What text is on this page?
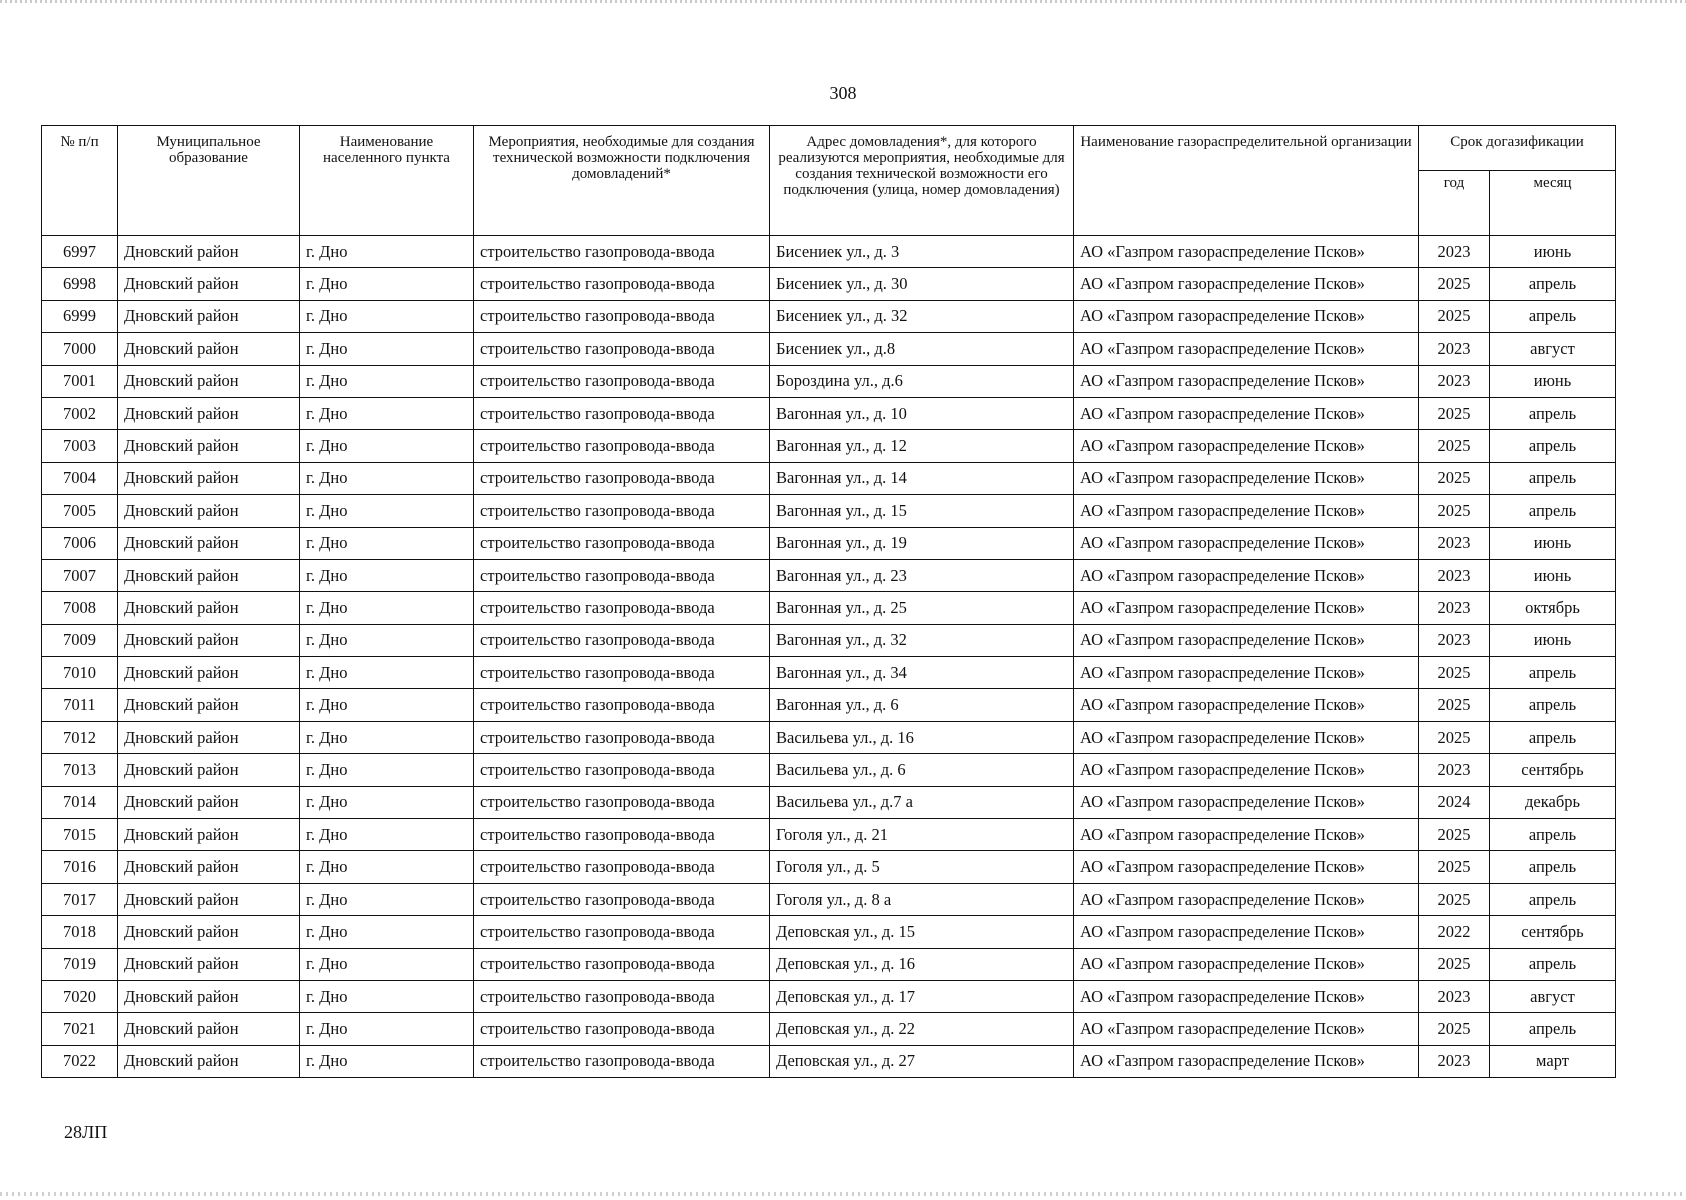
308
№ п/п	Муниципальное образование	Наименование населенного пункта	Мероприятия, необходимые для создания технической возможности подключения домовладений*	Адрес домовладения*, для которого реализуются мероприятия, необходимые для создания технической возможности его подключения (улица, номер домовладения)	Наименование газораспределительной организации	Срок догазификации	
						год	месяц
6997	Дновский район	г. Дно	строительство газопровода-ввода	Бисениек ул., д. 3	АО «Газпром газораспределение Псков»	2023	июнь
6998	Дновский район	г. Дно	строительство газопровода-ввода	Бисениек ул., д. 30	АО «Газпром газораспределение Псков»	2025	апрель
6999	Дновский район	г. Дно	строительство газопровода-ввода	Бисениек ул., д. 32	АО «Газпром газораспределение Псков»	2025	апрель
7000	Дновский район	г. Дно	строительство газопровода-ввода	Бисениек ул., д.8	АО «Газпром газораспределение Псков»	2023	август
7001	Дновский район	г. Дно	строительство газопровода-ввода	Бороздина ул., д.6	АО «Газпром газораспределение Псков»	2023	июнь
7002	Дновский район	г. Дно	строительство газопровода-ввода	Вагонная ул., д. 10	АО «Газпром газораспределение Псков»	2025	апрель
7003	Дновский район	г. Дно	строительство газопровода-ввода	Вагонная ул., д. 12	АО «Газпром газораспределение Псков»	2025	апрель
7004	Дновский район	г. Дно	строительство газопровода-ввода	Вагонная ул., д. 14	АО «Газпром газораспределение Псков»	2025	апрель
7005	Дновский район	г. Дно	строительство газопровода-ввода	Вагонная ул., д. 15	АО «Газпром газораспределение Псков»	2025	апрель
7006	Дновский район	г. Дно	строительство газопровода-ввода	Вагонная ул., д. 19	АО «Газпром газораспределение Псков»	2023	июнь
7007	Дновский район	г. Дно	строительство газопровода-ввода	Вагонная ул., д. 23	АО «Газпром газораспределение Псков»	2023	июнь
7008	Дновский район	г. Дно	строительство газопровода-ввода	Вагонная ул., д. 25	АО «Газпром газораспределение Псков»	2023	октябрь
7009	Дновский район	г. Дно	строительство газопровода-ввода	Вагонная ул., д. 32	АО «Газпром газораспределение Псков»	2023	июнь
7010	Дновский район	г. Дно	строительство газопровода-ввода	Вагонная ул., д. 34	АО «Газпром газораспределение Псков»	2025	апрель
7011	Дновский район	г. Дно	строительство газопровода-ввода	Вагонная ул., д. 6	АО «Газпром газораспределение Псков»	2025	апрель
7012	Дновский район	г. Дно	строительство газопровода-ввода	Васильева ул., д. 16	АО «Газпром газораспределение Псков»	2025	апрель
7013	Дновский район	г. Дно	строительство газопровода-ввода	Васильева ул., д. 6	АО «Газпром газораспределение Псков»	2023	сентябрь
7014	Дновский район	г. Дно	строительство газопровода-ввода	Васильева ул., д.7 а	АО «Газпром газораспределение Псков»	2024	декабрь
7015	Дновский район	г. Дно	строительство газопровода-ввода	Гоголя ул., д. 21	АО «Газпром газораспределение Псков»	2025	апрель
7016	Дновский район	г. Дно	строительство газопровода-ввода	Гоголя ул., д. 5	АО «Газпром газораспределение Псков»	2025	апрель
7017	Дновский район	г. Дно	строительство газопровода-ввода	Гоголя ул., д. 8 а	АО «Газпром газораспределение Псков»	2025	апрель
7018	Дновский район	г. Дно	строительство газопровода-ввода	Деповская ул., д. 15	АО «Газпром газораспределение Псков»	2022	сентябрь
7019	Дновский район	г. Дно	строительство газопровода-ввода	Деповская ул., д. 16	АО «Газпром газораспределение Псков»	2025	апрель
7020	Дновский район	г. Дно	строительство газопровода-ввода	Деповская ул., д. 17	АО «Газпром газораспределение Псков»	2023	август
7021	Дновский район	г. Дно	строительство газопровода-ввода	Деповская ул., д. 22	АО «Газпром газораспределение Псков»	2025	апрель
7022	Дновский район	г. Дно	строительство газопровода-ввода	Деповская ул., д. 27	АО «Газпром газораспределение Псков»	2023	март
28ЛП
